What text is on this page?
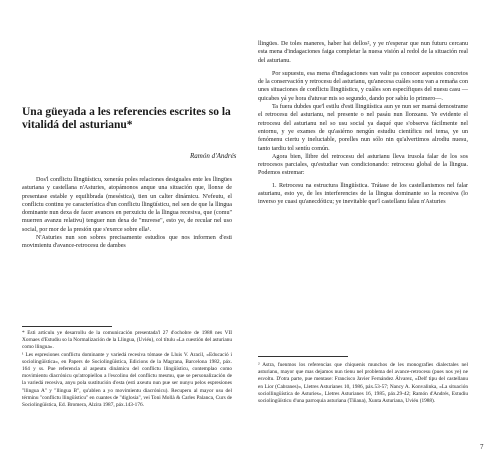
llingües. De toles maneres, haber hai dellos², y ye n'esperar que nun futuru cercanu esta mena d'indagaciones faiga completar la nuesa visión al redol de la situación real del asturianu.

Por supuestu, esa mena d'indagaciones van valir pa conocer aspeutos concretos de la conservación y retrocesu del asturianu, qu'anecesa cuáles sonu van a remaña con unes situaciones de conflictu llingüísticu, y cuáles son específiques del nuesu casu —quicabes yá ye hora d'atuvar mis so segundo, dando por sabíu lo primero—.

Ta fuera dubdes que'l estilu d'esti llingüística aun ye nun ser mamá demostrame el retrocesu del asturianu, nel presente o nel pasáu nun llonxanu. Ye evidente el retrocesu del asturianu nel so usu social ya daqué que s'observa fácilmente nel entornu, y ye exames de qu'asiérno nengún estudiu científicu nel tema, ye un fenómenu ciertu y ineluctable, porelles nun sólo nin qu'alvertimos alrodiu nuesu, tanto tardiu tol sentíu común.

Agora bien, llibre del retrocesu del asturianu lleva irusola falar de los sos retrocesos parciales, qu'estudiar van condicionando: retrocesu global de la llingua. Podemos estremar:

1. Retrocesu na estructura llingüística. Trátase de los castellanismos nel falar asturianu, esto ye, de les interferencies de la llingua dominante so la recesiva (lo inverso ye cuasi qu'anecdóticu; ye inevitable que'l castellanu falau n'Asturies

² Astra, fuenmos los referencias que chiquenis munchos de les monografies dialectales nel asturianu, mayor que mas dejamos nun tienu nel problema del avance-retrocesu (pues nos ye) ne esvoltu. D'otra parte, pue mentase: Francisco Javier Fernández Álvarez, «Delf tipu del castellanu en Lior (Cabranes)», Lletres Asturianes 10, 1986, páx.53-57; Nancy A. Konvalinka, «La situación sociollingüística de Asturies», Lletres Asturianes 16, 1985, páx.29-42; Ramón d'Andrés, Estudiu sociolingüísticu d'una parroquia asturiana (Tiñana), Xunta Asturiana, Uviéu (1988).

Una güeyada a les referencies escrites so la vitalidá del asturianu*

Ramón d'Andrés

Dos'l conflictu llingüísticu, xeneráu poles relaciones desiguales ente les llingües asturiana y castellana n'Asturies, atopámonos anque una situación que, llonxe de presentase estable y equilibrada (meséstica), tien un calter dinámicu. N'efeutu, el conflictu continu ye característica d'un conflictu llingüísticu, nel sen de que la llingua dominante nun dexa de facer avances en perxuiciu de la llingua recesiva, que (comu" muerren avanzu relativu) tenguer nun dexa de "muvese", esto ye, de recular nel uso social, por mor de la presión que s'exerce sobre ella¹.

N'Asturies nun son sobres precisamente estudios que nos informen d'esti movimientu d'avance-retrocesu de dambes

* Esti artículu ye desarrollu de la comunicación presentada'l 27 d'ochobre de 1988 nes VII Xornaes d'Estudiu so la Normalización de la Llingua, (Uviéu), col títulu «La cuestión del asturianu como llingua».

¹ Les espresiones conflictu dominante y variedá recesiva tómase de Lluis V. Aracil, «Educació i sociolingüística», en Papers de Sociolingüística, Edicions de la Magrana, Barcelona 1982, páx. 164 y ss. Pue referencia al aspeutu dinámicu del conflictu llingüísticu, contemplao como movimientu diacrónicu qu'atropiellou a l'escolinu del conflictu mesmu, que se personalización de la variedá recesiva, anyu pola sustitución d'esta (esti axeutu nun pue ser nunyu pelos espresiones "llingua A" y "llingua B", qu'ablen a yo movimientu diacrónicu). Recuperu al mayor usu del términu "conflictu llingüísticu" en cuantes de "diglosia", vei Toni Mollà & Carles Palanca, Curs de Sociolingüística, Ed. Bromera, Alzira 1987, páx.143-176.

7
